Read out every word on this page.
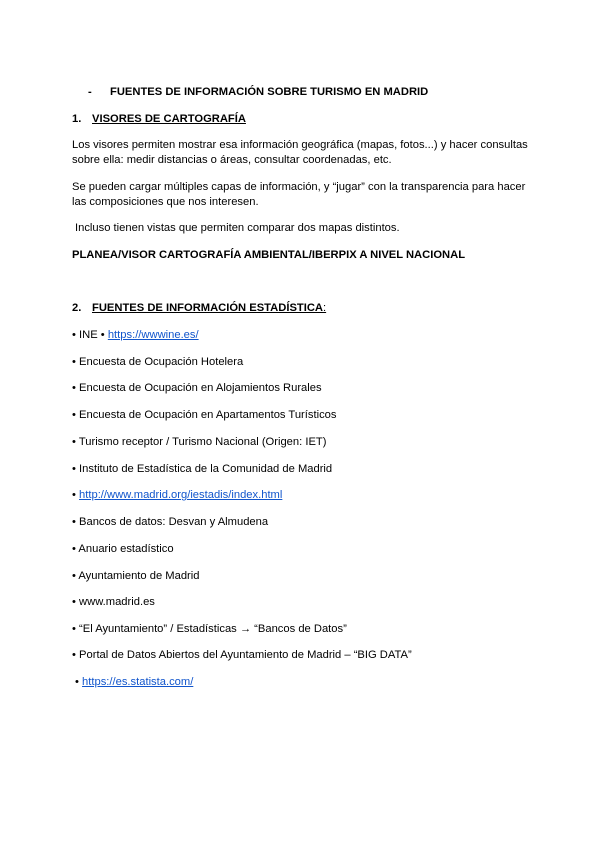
- FUENTES DE INFORMACIÓN SOBRE TURISMO EN MADRID
1. VISORES DE CARTOGRAFÍA
Los visores permiten mostrar esa información geográfica (mapas, fotos...) y hacer consultas
sobre ella: medir distancias o áreas, consultar coordenadas, etc.
Se pueden cargar múltiples capas de información, y “jugar” con la transparencia para hacer
las composiciones que nos interesen.
Incluso tienen vistas que permiten comparar dos mapas distintos.
PLANEA/VISOR CARTOGRAFÍA AMBIENTAL/IBERPIX A NIVEL NACIONAL
2. FUENTES DE INFORMACIÓN ESTADÍSTICA:
• INE • https://wwwine.es/
• Encuesta de Ocupación Hotelera
• Encuesta de Ocupación en Alojamientos Rurales
• Encuesta de Ocupación en Apartamentos Turísticos
• Turismo receptor / Turismo Nacional (Origen: IET)
• Instituto de Estadística de la Comunidad de Madrid
• http://www.madrid.org/iestadis/index.html
• Bancos de datos: Desvan y Almudena
• Anuario estadístico
• Ayuntamiento de Madrid
• www.madrid.es
• “El Ayuntamiento” / Estadísticas → “Bancos de Datos”
• Portal de Datos Abiertos del Ayuntamiento de Madrid – “BIG DATA”
• https://es.statista.com/
